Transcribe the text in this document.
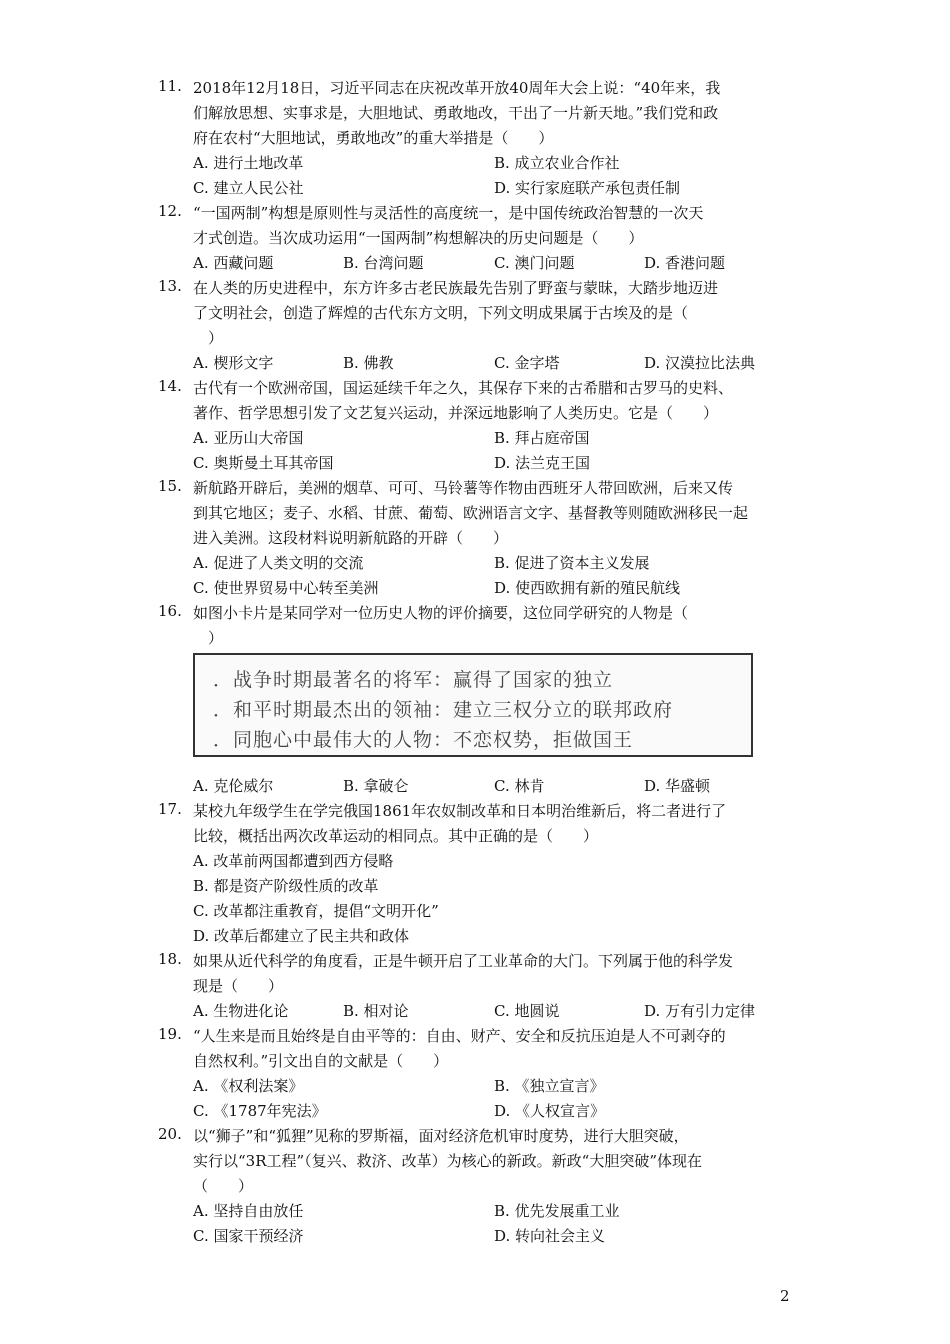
11. 2018年12月18日，习近平同志在庆祝改革开放40周年大会上说：“40年来，我
们解放思想、实事求是，大胆地试、勇敢地改，干出了一片新天地。”我们党和政
府在农村“大胆地试，勇敢地改”的重大举措是（　　）
A. 进行土地改革	B. 成立农业合作社
C. 建立人民公社	D. 实行家庭联产承包责任制
12. “一国两制”构想是原则性与灵活性的高度统一，是中国传统政治智慧的一次天
才式创造。当次成功运用“一国两制”构想解决的历史问题是（　　）
A. 西藏问题	B. 台湾问题	C. 澳门问题	D. 香港问题
13. 在人类的历史进程中，东方许多古老民族最先告别了野蛮与蒙昧，大踏步地迈进
了文明社会，创造了辉煌的古代东方文明，下列文明成果属于古埃及的是（
　）
A. 楔形文字	B. 佛教	C. 金字塔	D. 汉漠拉比法典
14. 古代有一个欧洲帝国，国运延续千年之久，其保存下来的古希腊和古罗马的史料、
著作、哲学思想引发了文艺复兴运动，并深远地影响了人类历史。它是（　　）
A. 亚历山大帝国	B. 拜占庭帝国
C. 奥斯曼土耳其帝国	D. 法兰克王国
15. 新航路开辟后，美洲的烟草、可可、马铃薯等作物由西班牙人带回欧洲，后来又传
到其它地区；麦子、水稻、甘蔗、葡萄、欧洲语言文字、基督教等则随欧洲移民一起
进入美洲。这段材料说明新航路的开辟（　　）
A. 促进了人类文明的交流	B. 促进了资本主义发展
C. 使世界贸易中心转至美洲	D. 使西欧拥有新的殖民航线
16. 如图小卡片是某同学对一位历史人物的评价摘要，这位同学研究的人物是（
　）
．战争时期最著名的将军：赢得了国家的独立
．和平时期最杰出的领袖：建立三权分立的联邦政府
．同胞心中最伟大的人物：不恋权势，拒做国王
A. 克伦威尔	B. 拿破仑	C. 林肯	D. 华盛顿
17. 某校九年级学生在学完俄国1861年农奴制改革和日本明治维新后，将二者进行了
比较，概括出两次改革运动的相同点。其中正确的是（　　）
A. 改革前两国都遭到西方侵略
B. 都是资产阶级性质的改革
C. 改革都注重教育，提倡“文明开化”
D. 改革后都建立了民主共和政体
18. 如果从近代科学的角度看，正是牛顿开启了工业革命的大门。下列属于他的科学发
现是（　　）
A. 生物进化论	B. 相对论	C. 地圆说	D. 万有引力定律
19. “人生来是而且始终是自由平等的：自由、财产、安全和反抗压迫是人不可剥夺的
自然权利。”引文出自的文献是（　　）
A. 《权利法案》	B. 《独立宣言》
C. 《1787年宪法》	D. 《人权宣言》
20. 以“狮子”和“狐狸”见称的罗斯福，面对经济危机审时度势，进行大胆突破，
实行以“3R工程”（复兴、救济、改革）为核心的新政。新政“大胆突破”体现在
（　　）
A. 坚持自由放任	B. 优先发展重工业
C. 国家干预经济	D. 转向社会主义
2
